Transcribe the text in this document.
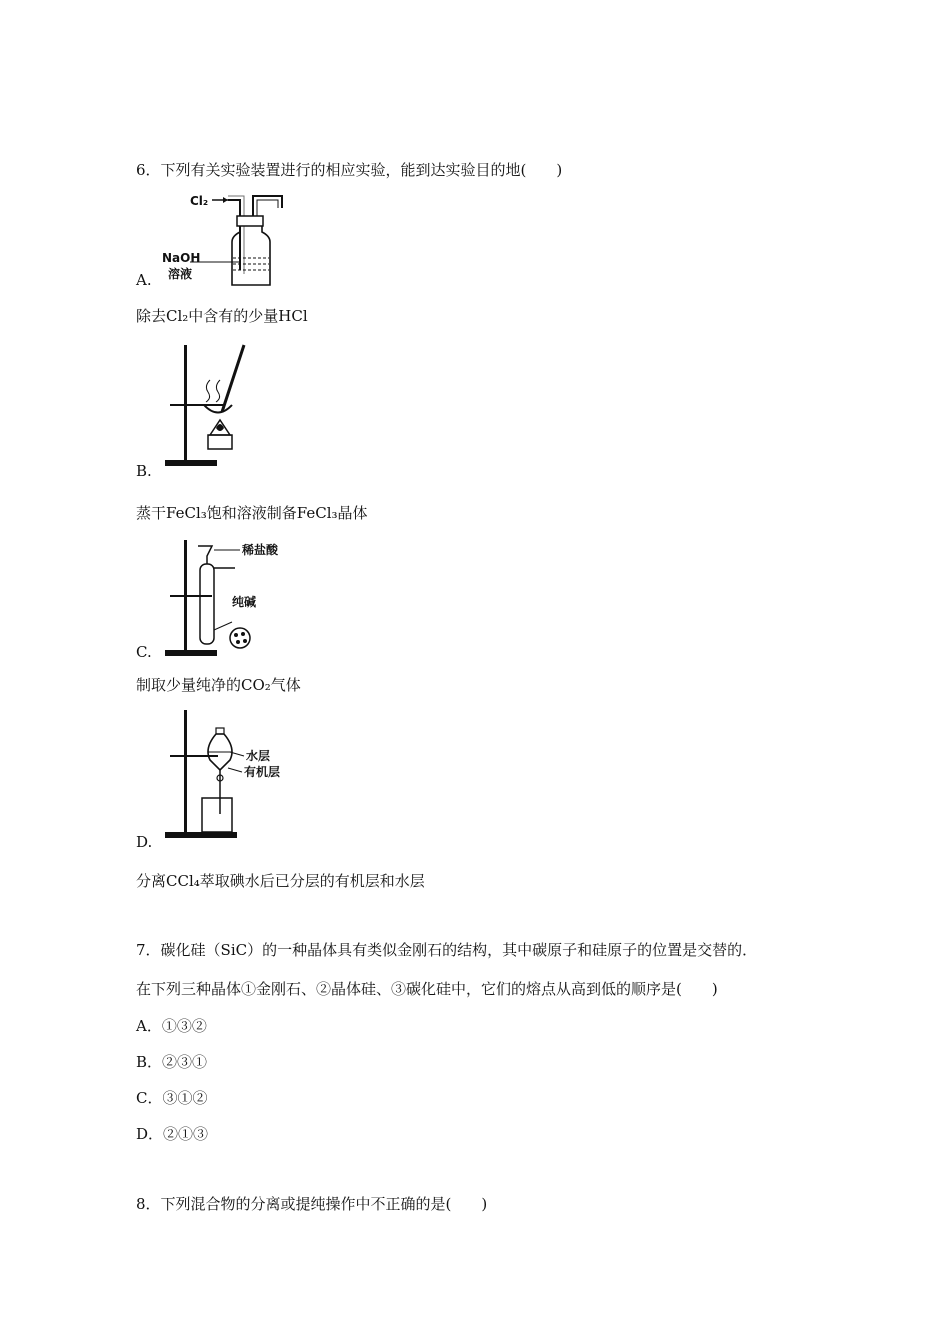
6．下列有关实验装置进行的相应实验，能到达实验目的地(　　)
Cl₂
NaOH
溶液
A.
除去Cl₂中含有的少量HCl
B.
蒸干FeCl₃饱和溶液制备FeCl₃晶体
稀盐酸
纯碱
C.
制取少量纯净的CO₂气体
水层
有机层
D.
分离CCl₄萃取碘水后已分层的有机层和水层
7．碳化硅（SiC）的一种晶体具有类似金刚石的结构，其中碳原子和硅原子的位置是交替的．
在下列三种晶体①金刚石、②晶体硅、③碳化硅中，它们的熔点从高到低的顺序是(　　)
A．①③②
B．②③①
C．③①②
D．②①③
8．下列混合物的分离或提纯操作中不正确的是(　　)
